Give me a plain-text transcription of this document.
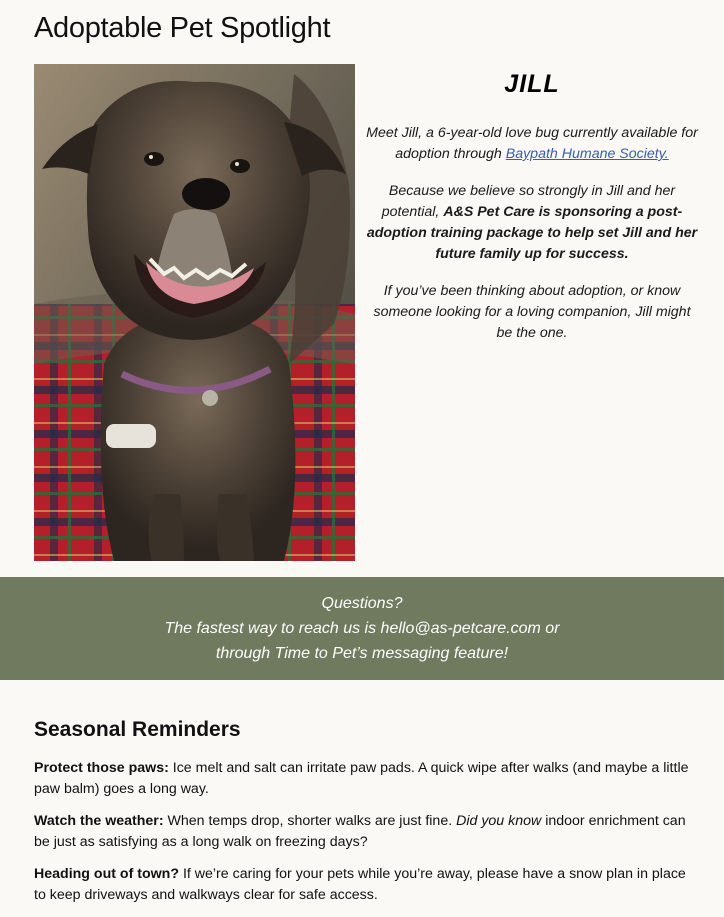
Adoptable Pet Spotlight
JILL

Meet Jill, a 6-year-old love bug currently available for adoption through Baypath Humane Society.

Because we believe so strongly in Jill and her potential, A&S Pet Care is sponsoring a post-adoption training package to help set Jill and her future family up for success.

If you’ve been thinking about adoption, or know someone looking for a loving companion, Jill might be the one.

Questions?
The fastest way to reach us is hello@as-petcare.com or
through Time to Pet’s messaging feature!
Seasonal Reminders

Protect those paws: Ice melt and salt can irritate paw pads. A quick wipe after walks (and maybe a little paw balm) goes a long way.

Watch the weather: When temps drop, shorter walks are just fine. Did you know indoor enrichment can be just as satisfying as a long walk on freezing days?

Heading out of town? If we’re caring for your pets while you’re away, please have a snow plan in place to keep driveways and walkways clear for safe access.
